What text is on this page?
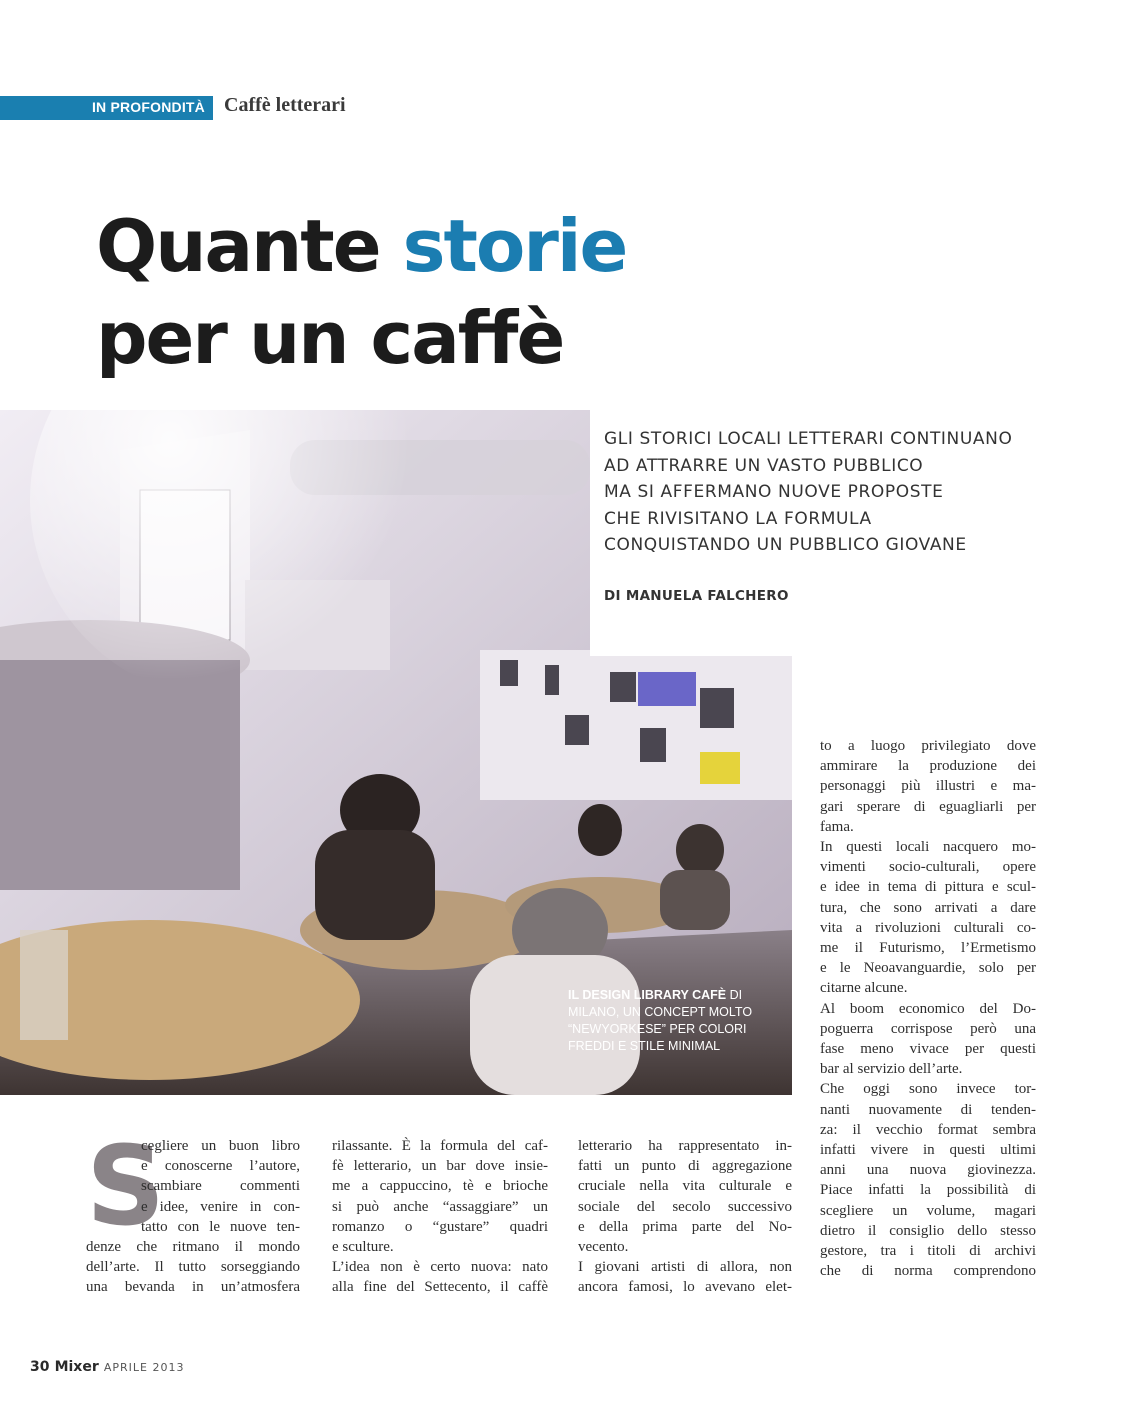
IN PROFONDITÀ Caffè letterari
Quante storie
per un caffè
IL DESIGN LIBRARY CAFÈ DI MILANO, UN CONCEPT MOLTO “NEWYORKESE” PER COLORI FREDDI E STILE MINIMAL
GLI STORICI LOCALI LETTERARI CONTINUANO
AD ATTRARRE UN VASTO PUBBLICO
MA SI AFFERMANO NUOVE PROPOSTE
CHE RIVISITANO LA FORMULA
CONQUISTANDO UN PUBBLICO GIOVANE
DI MANUELA FALCHERO
S
cegliere un buon libro
e conoscerne l’autore,
scambiare commenti
e idee, venire in con-
tatto con le nuove ten-
denze che ritmano il mondo
dell’arte. Il tutto sorseggiando
una bevanda in un’atmosfera
rilassante. È la formula del caf-
fè letterario, un bar dove insie-
me a cappuccino, tè e brioche
si può anche “assaggiare” un
romanzo o “gustare” quadri
e sculture.
L’idea non è certo nuova: nato
alla fine del Settecento, il caffè
letterario ha rappresentato in-
fatti un punto di aggregazione
cruciale nella vita culturale e
sociale del secolo successivo
e della prima parte del No-
vecento.
I giovani artisti di allora, non
ancora famosi, lo avevano elet-
to a luogo privilegiato dove
ammirare la produzione dei
personaggi più illustri e ma-
gari sperare di eguagliarli per
fama.
In questi locali nacquero mo-
vimenti socio-culturali, opere
e idee in tema di pittura e scul-
tura, che sono arrivati a dare
vita a rivoluzioni culturali co-
me il Futurismo, l’Ermetismo
e le Neoavanguardie, solo per
citarne alcune.
Al boom economico del Do-
poguerra corrispose però una
fase meno vivace per questi
bar al servizio dell’arte.
Che oggi sono invece tor-
nanti nuovamente di tenden-
za: il vecchio format sembra
infatti vivere in questi ultimi
anni una nuova giovinezza.
Piace infatti la possibilità di
scegliere un volume, magari
dietro il consiglio dello stesso
gestore, tra i titoli di archivi
che di norma comprendono
30 Mixer APRILE 2013
